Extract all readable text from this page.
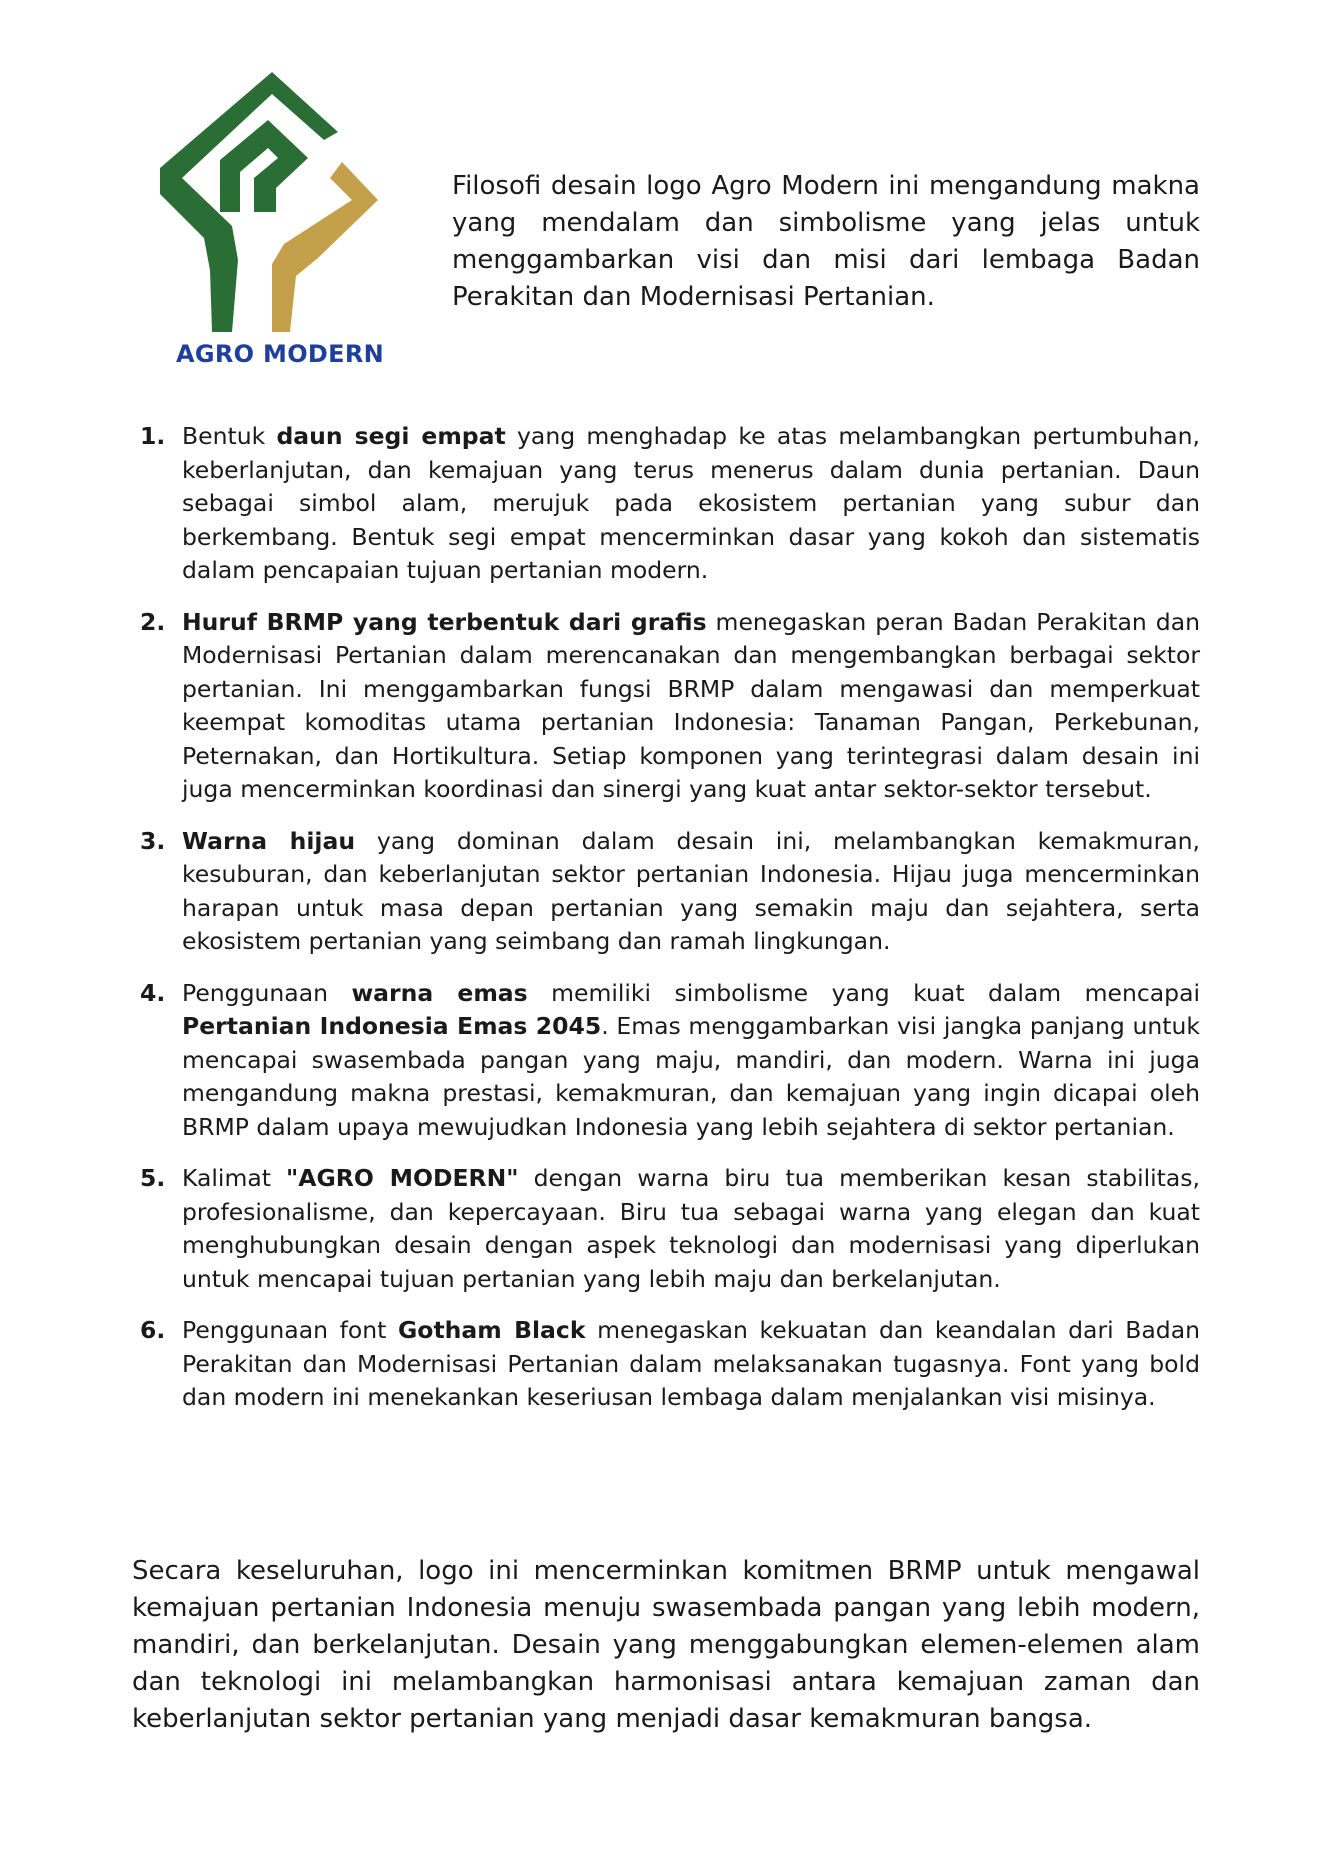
AGRO MODERN

Filosofi desain logo Agro Modern ini mengandung makna yang mendalam dan simbolisme yang jelas untuk menggambarkan visi dan misi dari lembaga Badan Perakitan dan Modernisasi Pertanian.

1. Bentuk daun segi empat yang menghadap ke atas melambangkan pertumbuhan, keberlanjutan, dan kemajuan yang terus menerus dalam dunia pertanian. Daun sebagai simbol alam, merujuk pada ekosistem pertanian yang subur dan berkembang. Bentuk segi empat mencerminkan dasar yang kokoh dan sistematis dalam pencapaian tujuan pertanian modern.
2. Huruf BRMP yang terbentuk dari grafis menegaskan peran Badan Perakitan dan Modernisasi Pertanian dalam merencanakan dan mengembangkan berbagai sektor pertanian. Ini menggambarkan fungsi BRMP dalam mengawasi dan memperkuat keempat komoditas utama pertanian Indonesia: Tanaman Pangan, Perkebunan, Peternakan, dan Hortikultura. Setiap komponen yang terintegrasi dalam desain ini juga mencerminkan koordinasi dan sinergi yang kuat antar sektor-sektor tersebut.
3. Warna hijau yang dominan dalam desain ini, melambangkan kemakmuran, kesuburan, dan keberlanjutan sektor pertanian Indonesia. Hijau juga mencerminkan harapan untuk masa depan pertanian yang semakin maju dan sejahtera, serta ekosistem pertanian yang seimbang dan ramah lingkungan.
4. Penggunaan warna emas memiliki simbolisme yang kuat dalam mencapai Pertanian Indonesia Emas 2045. Emas menggambarkan visi jangka panjang untuk mencapai swasembada pangan yang maju, mandiri, dan modern. Warna ini juga mengandung makna prestasi, kemakmuran, dan kemajuan yang ingin dicapai oleh BRMP dalam upaya mewujudkan Indonesia yang lebih sejahtera di sektor pertanian.
5. Kalimat "AGRO MODERN" dengan warna biru tua memberikan kesan stabilitas, profesionalisme, dan kepercayaan. Biru tua sebagai warna yang elegan dan kuat menghubungkan desain dengan aspek teknologi dan modernisasi yang diperlukan untuk mencapai tujuan pertanian yang lebih maju dan berkelanjutan.
6. Penggunaan font Gotham Black menegaskan kekuatan dan keandalan dari Badan Perakitan dan Modernisasi Pertanian dalam melaksanakan tugasnya. Font yang bold dan modern ini menekankan keseriusan lembaga dalam menjalankan visi misinya.

Secara keseluruhan, logo ini mencerminkan komitmen BRMP untuk mengawal kemajuan pertanian Indonesia menuju swasembada pangan yang lebih modern, mandiri, dan berkelanjutan. Desain yang menggabungkan elemen-elemen alam dan teknologi ini melambangkan harmonisasi antara kemajuan zaman dan keberlanjutan sektor pertanian yang menjadi dasar kemakmuran bangsa.
